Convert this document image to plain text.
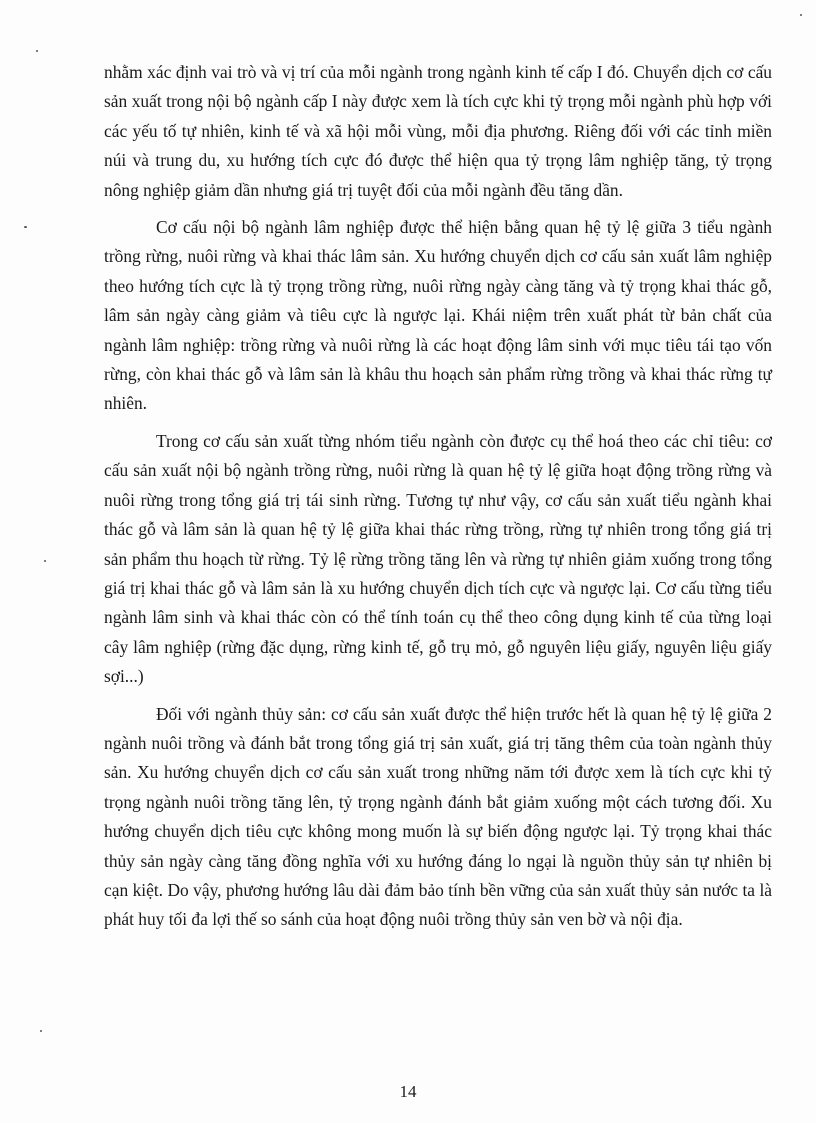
nhằm xác định vai trò và vị trí của mỗi ngành trong ngành kinh tế cấp I đó. Chuyển dịch cơ cấu sản xuất trong nội bộ ngành cấp I này được xem là tích cực khi tỷ trọng mỗi ngành phù hợp với các yếu tố tự nhiên, kinh tế và xã hội mỗi vùng, mỗi địa phương. Riêng đối với các tỉnh miền núi và trung du, xu hướng tích cực đó được thể hiện qua tỷ trọng lâm nghiệp tăng, tỷ trọng nông nghiệp giảm dần nhưng giá trị tuyệt đối của mỗi ngành đều tăng dần.

Cơ cấu nội bộ ngành lâm nghiệp được thể hiện bằng quan hệ tỷ lệ giữa 3 tiểu ngành trồng rừng, nuôi rừng và khai thác lâm sản. Xu hướng chuyển dịch cơ cấu sản xuất lâm nghiệp theo hướng tích cực là tỷ trọng trồng rừng, nuôi rừng ngày càng tăng và tỷ trọng khai thác gỗ, lâm sản ngày càng giảm và tiêu cực là ngược lại. Khái niệm trên xuất phát từ bản chất của ngành lâm nghiệp: trồng rừng và nuôi rừng là các hoạt động lâm sinh với mục tiêu tái tạo vốn rừng, còn khai thác gỗ và lâm sản là khâu thu hoạch sản phẩm rừng trồng và khai thác rừng tự nhiên.

Trong cơ cấu sản xuất từng nhóm tiểu ngành còn được cụ thể hoá theo các chỉ tiêu: cơ cấu sản xuất nội bộ ngành trồng rừng, nuôi rừng là quan hệ tỷ lệ giữa hoạt động trồng rừng và nuôi rừng trong tổng giá trị tái sinh rừng. Tương tự như vậy, cơ cấu sản xuất tiểu ngành khai thác gỗ và lâm sản là quan hệ tỷ lệ giữa khai thác rừng trồng, rừng tự nhiên trong tổng giá trị sản phẩm thu hoạch từ rừng. Tỷ lệ rừng trồng tăng lên và rừng tự nhiên giảm xuống trong tổng giá trị khai thác gỗ và lâm sản là xu hướng chuyển dịch tích cực và ngược lại. Cơ cấu từng tiểu ngành lâm sinh và khai thác còn có thể tính toán cụ thể theo công dụng kinh tế của từng loại cây lâm nghiệp (rừng đặc dụng, rừng kinh tế, gỗ trụ mỏ, gỗ nguyên liệu giấy, nguyên liệu giấy sợi...)

Đối với ngành thủy sản: cơ cấu sản xuất được thể hiện trước hết là quan hệ tỷ lệ giữa 2 ngành nuôi trồng và đánh bắt trong tổng giá trị sản xuất, giá trị tăng thêm của toàn ngành thủy sản. Xu hướng chuyển dịch cơ cấu sản xuất trong những năm tới được xem là tích cực khi tỷ trọng ngành nuôi trồng tăng lên, tỷ trọng ngành đánh bắt giảm xuống một cách tương đối. Xu hướng chuyển dịch tiêu cực không mong muốn là sự biến động ngược lại. Tỷ trọng khai thác thủy sản ngày càng tăng đồng nghĩa với xu hướng đáng lo ngại là nguồn thủy sản tự nhiên bị cạn kiệt. Do vậy, phương hướng lâu dài đảm bảo tính bền vững của sản xuất thủy sản nước ta là phát huy tối đa lợi thế so sánh của hoạt động nuôi trồng thủy sản ven bờ và nội địa.

14
